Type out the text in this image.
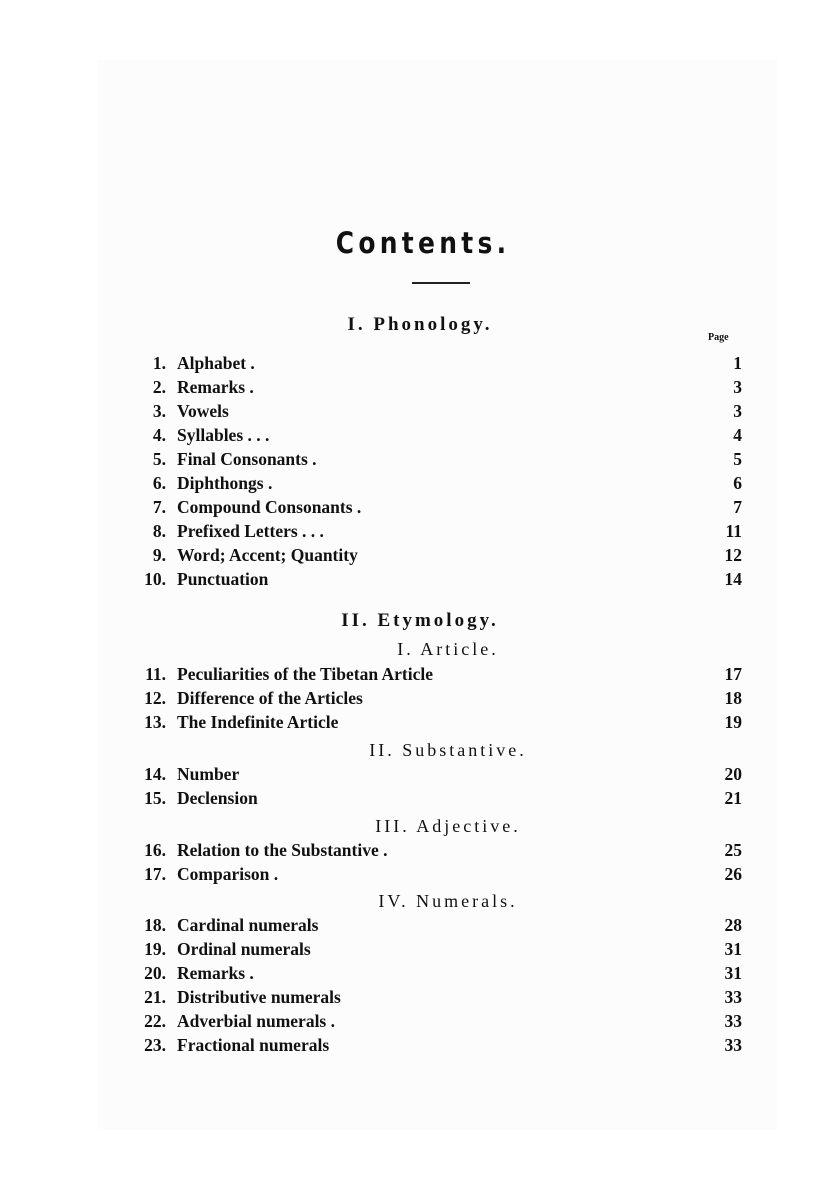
Contents.
I. Phonology.
Page
1. Alphabet .	1
2. Remarks .	3
3. Vowels	3
4. Syllables . . .	4
5. Final Consonants .	5
6. Diphthongs .	6
7. Compound Consonants .	7
8. Prefixed Letters . . .	11
9. Word; Accent; Quantity	12
10. Punctuation	14
II. Etymology.
I. Article.
11. Peculiarities of the Tibetan Article	17
12. Difference of the Articles	18
13. The Indefinite Article	19
II. Substantive.
14. Number	20
15. Declension	21
III. Adjective.
16. Relation to the Substantive .	25
17. Comparison .	26
IV. Numerals.
18. Cardinal numerals	28
19. Ordinal numerals	31
20. Remarks .	31
21. Distributive numerals	33
22. Adverbial numerals .	33
23. Fractional numerals	33
